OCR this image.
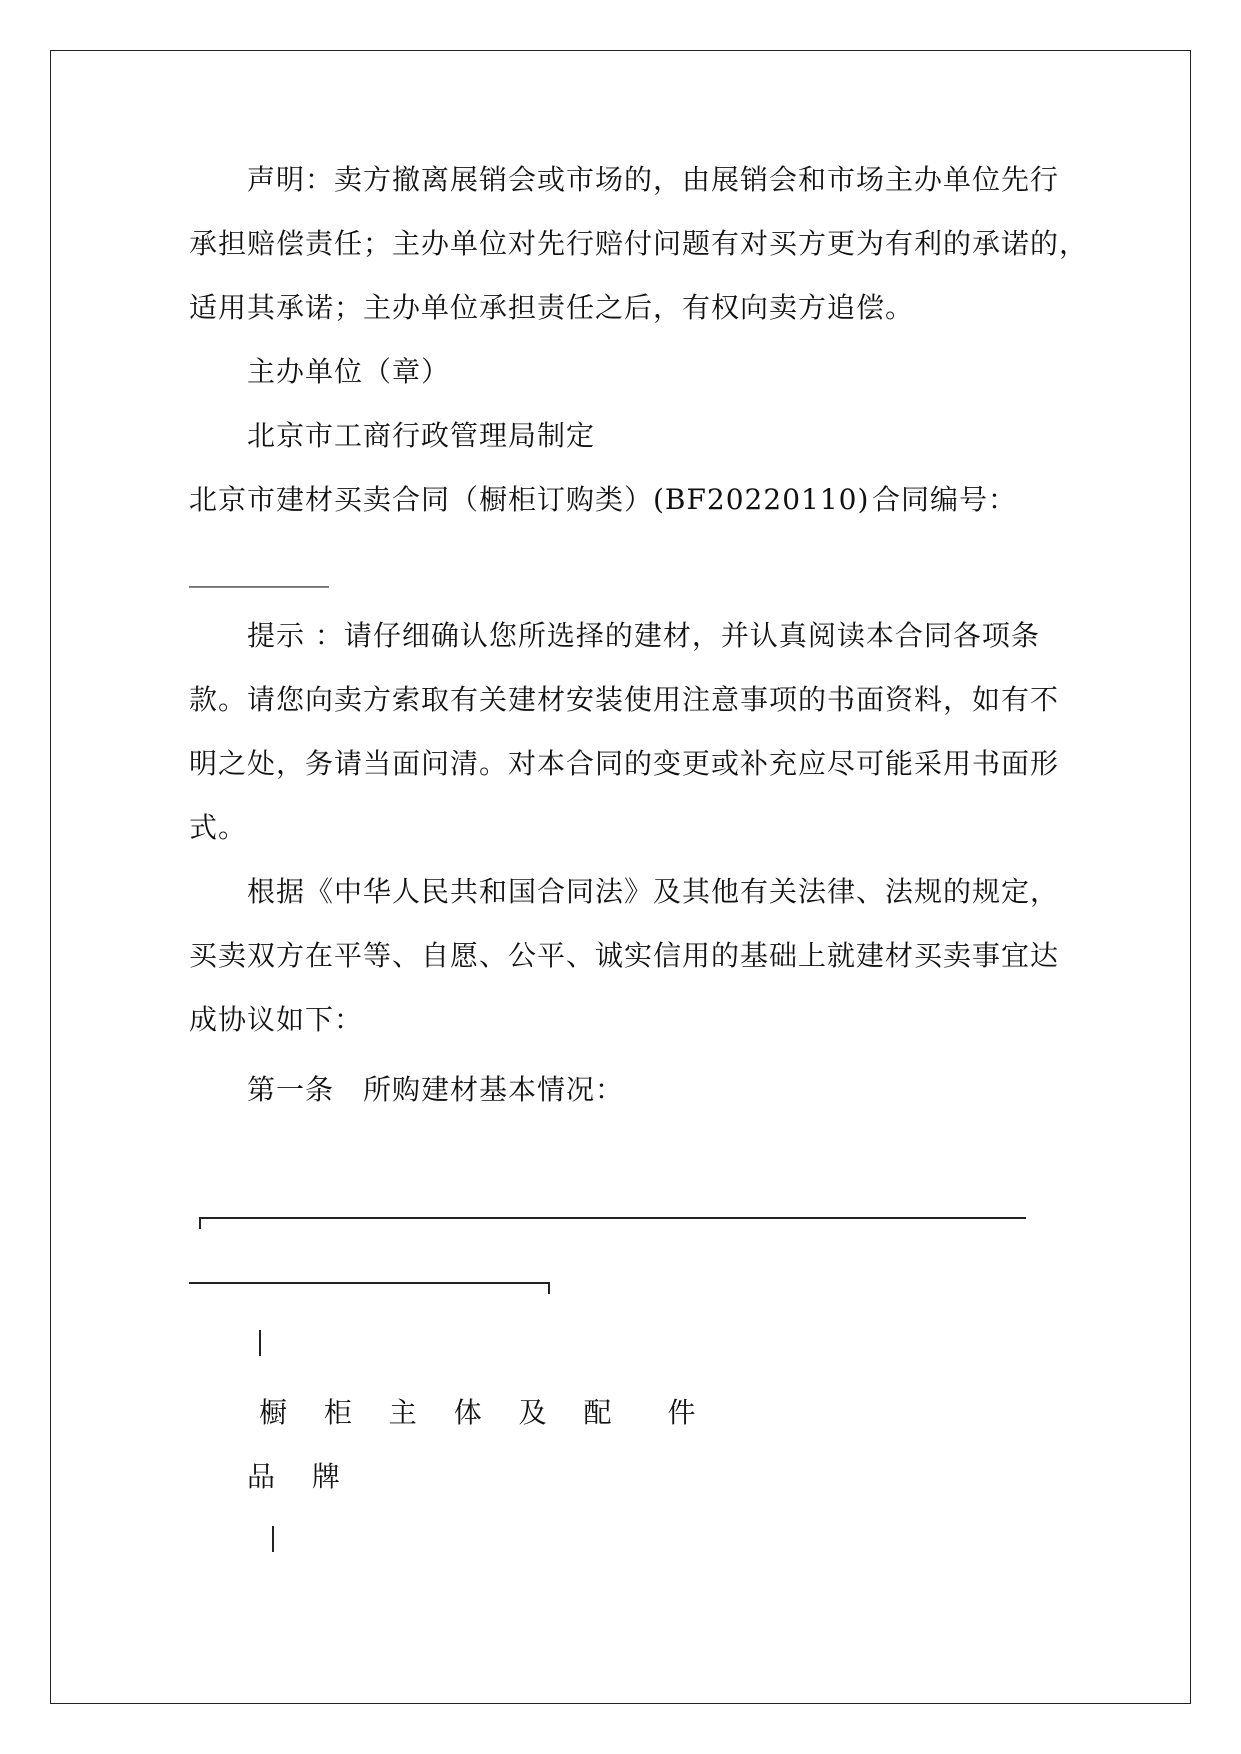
声明：卖方撤离展销会或市场的，由展销会和市场主办单位先行
承担赔偿责任；主办单位对先行赔付问题有对买方更为有利的承诺的，
适用其承诺；主办单位承担责任之后，有权向卖方追偿。
主办单位（章）
北京市工商行政管理局制定
北京市建材买卖合同（橱柜订购类）(BF20220110) 合同编号：
__________
提示 ：请仔细确认您所选择的建材，并认真阅读本合同各项条
款。请您向卖方索取有关建材安装使用注意事项的书面资料，如有不
明之处，务请当面问清。对本合同的变更或补充应尽可能采用书面形
式。
根据《中华人民共和国合同法》及其他有关法律、法规的规定，
买卖双方在平等、自愿、公平、诚实信用的基础上就建材买卖事宜达
成协议如下：
第一条　所购建材基本情况：
橱 柜 主 体 及 配　件
品 牌
